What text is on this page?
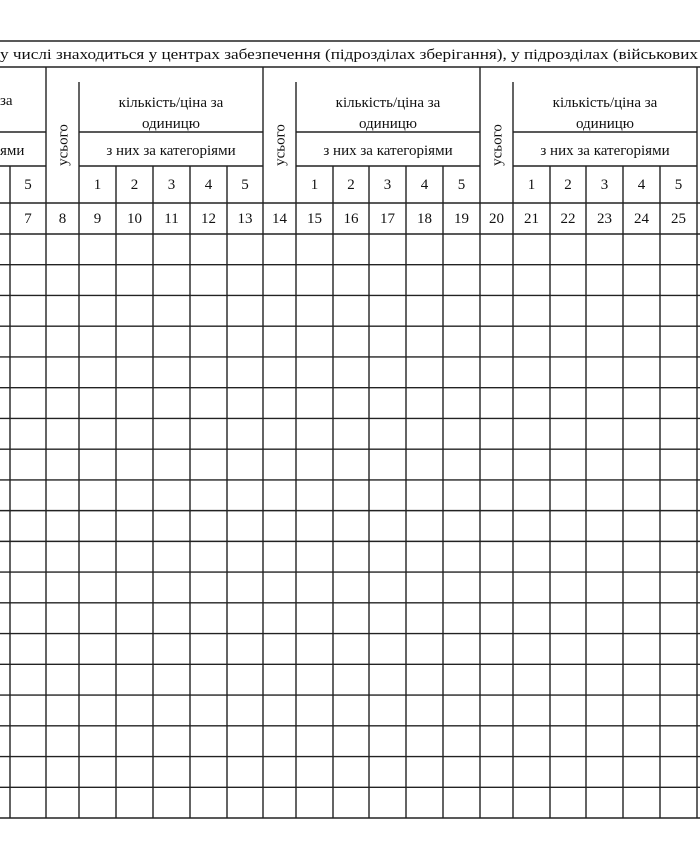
у числі знаходиться у центрах забезпечення (підрозділах зберігання), у підрозділах (військових
за
ями
5
7
усього
кількість/ціна за
одиницю
з них за категоріями
1 2 3 4 5
усього
кількість/ціна за
одиницю
з них за категоріями
1 2 3 4 5
усього
кількість/ціна за
одиницю
з них за категоріями
1 2 3 4 5
8 9 10 11 12 13 14 15 16 17 18 19 20 21 22 23 24 25
